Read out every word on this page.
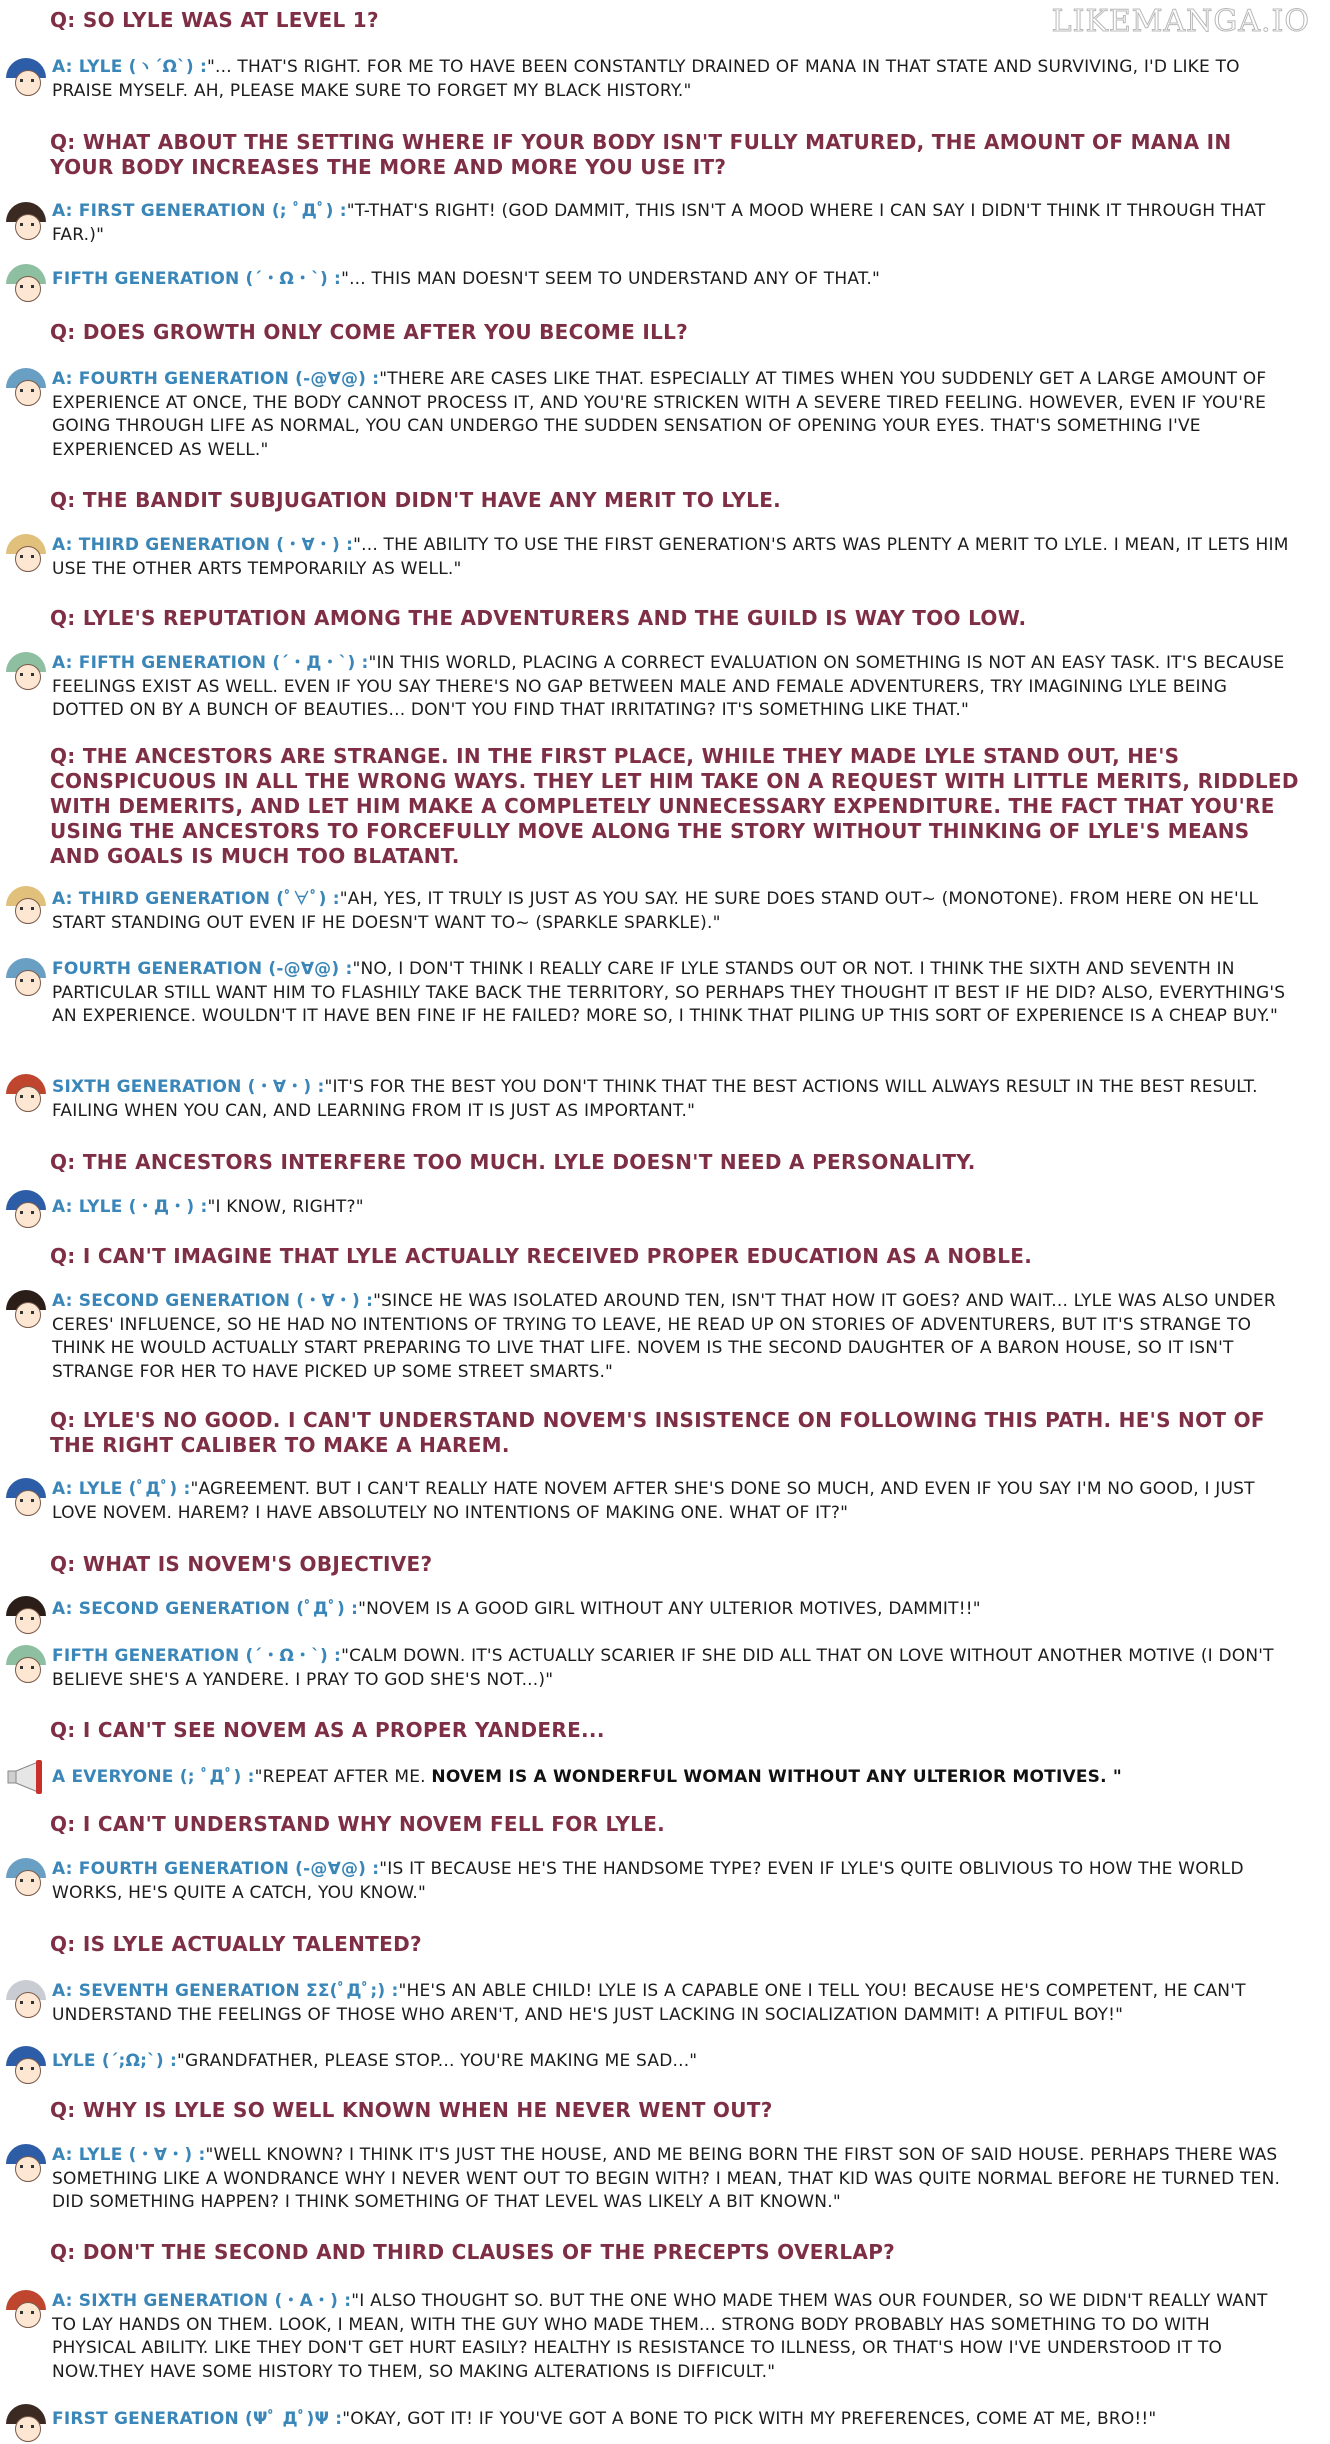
LIKEMANGA.IO
Q: SO LYLE WAS AT LEVEL 1?
A: LYLE (ヽ´Ω`) :"... THAT'S RIGHT. FOR ME TO HAVE BEEN CONSTANTLY DRAINED OF MANA IN THAT STATE AND SURVIVING, I'D LIKE TO PRAISE MYSELF. AH, PLEASE MAKE SURE TO FORGET MY BLACK HISTORY."
Q: WHAT ABOUT THE SETTING WHERE IF YOUR BODY ISN'T FULLY MATURED, THE AMOUNT OF MANA IN YOUR BODY INCREASES THE MORE AND MORE YOU USE IT?
A: FIRST GENERATION (; ﾟДﾟ) :"T-THAT'S RIGHT! (GOD DAMMIT, THIS ISN'T A MOOD WHERE I CAN SAY I DIDN'T THINK IT THROUGH THAT FAR.)"
FIFTH GENERATION (´・Ω・`) :"... THIS MAN DOESN'T SEEM TO UNDERSTAND ANY OF THAT."
Q: DOES GROWTH ONLY COME AFTER YOU BECOME ILL?
A: FOURTH GENERATION (-@∀@) :"THERE ARE CASES LIKE THAT. ESPECIALLY AT TIMES WHEN YOU SUDDENLY GET A LARGE AMOUNT OF EXPERIENCE AT ONCE, THE BODY CANNOT PROCESS IT, AND YOU'RE STRICKEN WITH A SEVERE TIRED FEELING. HOWEVER, EVEN IF YOU'RE GOING THROUGH LIFE AS NORMAL, YOU CAN UNDERGO THE SUDDEN SENSATION OF OPENING YOUR EYES. THAT'S SOMETHING I'VE EXPERIENCED AS WELL."
Q: THE BANDIT SUBJUGATION DIDN'T HAVE ANY MERIT TO LYLE.
A: THIRD GENERATION (・∀・) :"... THE ABILITY TO USE THE FIRST GENERATION'S ARTS WAS PLENTY A MERIT TO LYLE. I MEAN, IT LETS HIM USE THE OTHER ARTS TEMPORARILY AS WELL."
Q: LYLE'S REPUTATION AMONG THE ADVENTURERS AND THE GUILD IS WAY TOO LOW.
A: FIFTH GENERATION (´・Д・`) :"IN THIS WORLD, PLACING A CORRECT EVALUATION ON SOMETHING IS NOT AN EASY TASK. IT'S BECAUSE FEELINGS EXIST AS WELL. EVEN IF YOU SAY THERE'S NO GAP BETWEEN MALE AND FEMALE ADVENTURERS, TRY IMAGINING LYLE BEING DOTTED ON BY A BUNCH OF BEAUTIES... DON'T YOU FIND THAT IRRITATING? IT'S SOMETHING LIKE THAT."
Q: THE ANCESTORS ARE STRANGE. IN THE FIRST PLACE, WHILE THEY MADE LYLE STAND OUT, HE'S CONSPICUOUS IN ALL THE WRONG WAYS. THEY LET HIM TAKE ON A REQUEST WITH LITTLE MERITS, RIDDLED WITH DEMERITS, AND LET HIM MAKE A COMPLETELY UNNECESSARY EXPENDITURE. THE FACT THAT YOU'RE USING THE ANCESTORS TO FORCEFULLY MOVE ALONG THE STORY WITHOUT THINKING OF LYLE'S MEANS AND GOALS IS MUCH TOO BLATANT.
A: THIRD GENERATION (ﾟ∀ﾟ) :"AH, YES, IT TRULY IS JUST AS YOU SAY. HE SURE DOES STAND OUT~ (MONOTONE). FROM HERE ON HE'LL START STANDING OUT EVEN IF HE DOESN'T WANT TO~ (SPARKLE SPARKLE)."
FOURTH GENERATION (-@∀@) :"NO, I DON'T THINK I REALLY CARE IF LYLE STANDS OUT OR NOT. I THINK THE SIXTH AND SEVENTH IN PARTICULAR STILL WANT HIM TO FLASHILY TAKE BACK THE TERRITORY, SO PERHAPS THEY THOUGHT IT BEST IF HE DID? ALSO, EVERYTHING'S AN EXPERIENCE. WOULDN'T IT HAVE BEN FINE IF HE FAILED? MORE SO, I THINK THAT PILING UP THIS SORT OF EXPERIENCE IS A CHEAP BUY."
SIXTH GENERATION (・∀・) :"IT'S FOR THE BEST YOU DON'T THINK THAT THE BEST ACTIONS WILL ALWAYS RESULT IN THE BEST RESULT. FAILING WHEN YOU CAN, AND LEARNING FROM IT IS JUST AS IMPORTANT."
Q: THE ANCESTORS INTERFERE TOO MUCH. LYLE DOESN'T NEED A PERSONALITY.
A: LYLE (・Д・) :"I KNOW, RIGHT?"
Q: I CAN'T IMAGINE THAT LYLE ACTUALLY RECEIVED PROPER EDUCATION AS A NOBLE.
A: SECOND GENERATION (・∀・) :"SINCE HE WAS ISOLATED AROUND TEN, ISN'T THAT HOW IT GOES? AND WAIT... LYLE WAS ALSO UNDER CERES' INFLUENCE, SO HE HAD NO INTENTIONS OF TRYING TO LEAVE, HE READ UP ON STORIES OF ADVENTURERS, BUT IT'S STRANGE TO THINK HE WOULD ACTUALLY START PREPARING TO LIVE THAT LIFE. NOVEM IS THE SECOND DAUGHTER OF A BARON HOUSE, SO IT ISN'T STRANGE FOR HER TO HAVE PICKED UP SOME STREET SMARTS."
Q: LYLE'S NO GOOD. I CAN'T UNDERSTAND NOVEM'S INSISTENCE ON FOLLOWING THIS PATH. HE'S NOT OF THE RIGHT CALIBER TO MAKE A HAREM.
A: LYLE (ﾟДﾟ) :"AGREEMENT. BUT I CAN'T REALLY HATE NOVEM AFTER SHE'S DONE SO MUCH, AND EVEN IF YOU SAY I'M NO GOOD, I JUST LOVE NOVEM. HAREM? I HAVE ABSOLUTELY NO INTENTIONS OF MAKING ONE. WHAT OF IT?"
Q: WHAT IS NOVEM'S OBJECTIVE?
A: SECOND GENERATION (ﾟДﾟ) :"NOVEM IS A GOOD GIRL WITHOUT ANY ULTERIOR MOTIVES, DAMMIT!!"
FIFTH GENERATION (´・Ω・`) :"CALM DOWN. IT'S ACTUALLY SCARIER IF SHE DID ALL THAT ON LOVE WITHOUT ANOTHER MOTIVE (I DON'T BELIEVE SHE'S A YANDERE. I PRAY TO GOD SHE'S NOT...)"
Q: I CAN'T SEE NOVEM AS A PROPER YANDERE...
A EVERYONE (; ﾟДﾟ) :"REPEAT AFTER ME. NOVEM IS A WONDERFUL WOMAN WITHOUT ANY ULTERIOR MOTIVES. "
Q: I CAN'T UNDERSTAND WHY NOVEM FELL FOR LYLE.
A: FOURTH GENERATION (-@∀@) :"IS IT BECAUSE HE'S THE HANDSOME TYPE? EVEN IF LYLE'S QUITE OBLIVIOUS TO HOW THE WORLD WORKS, HE'S QUITE A CATCH, YOU KNOW."
Q: IS LYLE ACTUALLY TALENTED?
A: SEVENTH GENERATION ΣΣ(ﾟДﾟ;) :"HE'S AN ABLE CHILD! LYLE IS A CAPABLE ONE I TELL YOU! BECAUSE HE'S COMPETENT, HE CAN'T UNDERSTAND THE FEELINGS OF THOSE WHO AREN'T, AND HE'S JUST LACKING IN SOCIALIZATION DAMMIT! A PITIFUL BOY!"
LYLE (´;Ω;`) :"GRANDFATHER, PLEASE STOP... YOU'RE MAKING ME SAD..."
Q: WHY IS LYLE SO WELL KNOWN WHEN HE NEVER WENT OUT?
A: LYLE (・∀・) :"WELL KNOWN? I THINK IT'S JUST THE HOUSE, AND ME BEING BORN THE FIRST SON OF SAID HOUSE. PERHAPS THERE WAS SOMETHING LIKE A WONDRANCE WHY I NEVER WENT OUT TO BEGIN WITH? I MEAN, THAT KID WAS QUITE NORMAL BEFORE HE TURNED TEN. DID SOMETHING HAPPEN? I THINK SOMETHING OF THAT LEVEL WAS LIKELY A BIT KNOWN."
Q: DON'T THE SECOND AND THIRD CLAUSES OF THE PRECEPTS OVERLAP?
A: SIXTH GENERATION (・Α・) :"I ALSO THOUGHT SO. BUT THE ONE WHO MADE THEM WAS OUR FOUNDER, SO WE DIDN'T REALLY WANT TO LAY HANDS ON THEM. LOOK, I MEAN, WITH THE GUY WHO MADE THEM... STRONG BODY PROBABLY HAS SOMETHING TO DO WITH PHYSICAL ABILITY. LIKE THEY DON'T GET HURT EASILY? HEALTHY IS RESISTANCE TO ILLNESS, OR THAT'S HOW I'VE UNDERSTOOD IT TO NOW.THEY HAVE SOME HISTORY TO THEM, SO MAKING ALTERATIONS IS DIFFICULT."
FIRST GENERATION (Ψﾟ Дﾟ)Ψ :"OKAY, GOT IT! IF YOU'VE GOT A BONE TO PICK WITH MY PREFERENCES, COME AT ME, BRO!!"
